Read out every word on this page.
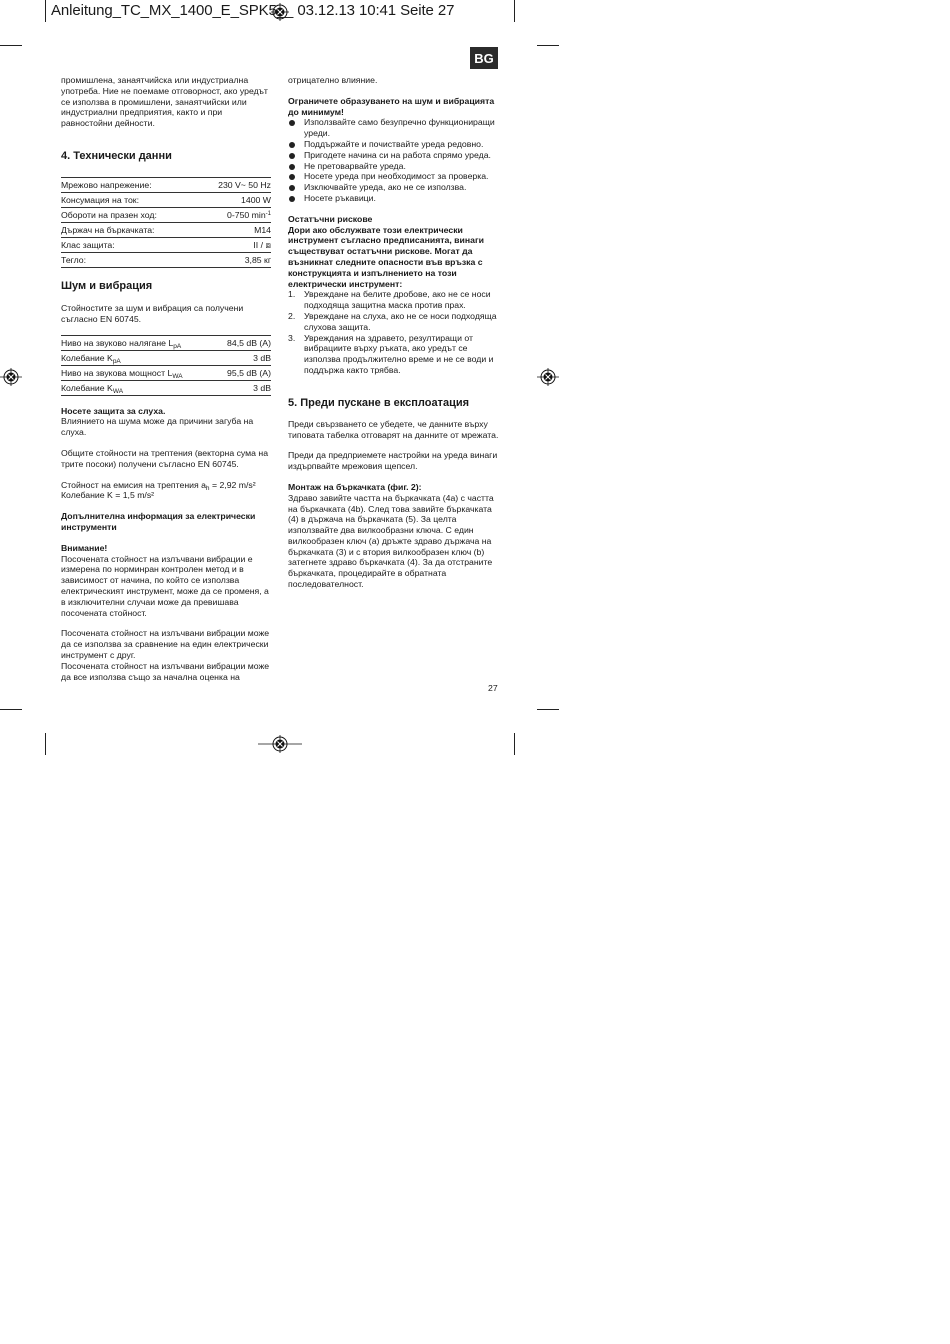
Anleitung_TC_MX_1400_E_SPK5__ 03.12.13 10:41 Seite 27
BG

промишлена, занаятчийска или индустриална употреба. Ние не поемаме отговорност, ако уредът се използва в промишлени, занаятчийски или индустриални предприятия, както и при равностойни дейности.

4. Технически данни

Мрежово напрежение:	230 V~ 50 Hz
Консумация на ток:	1400 W
Обороти на празен ход:	0-750 $\min^{-1}$
Държач на бъркачката:	M14
Клас защита:	II / ⧈
Тегло:	3,85 кг

Шум и вибрация

Стойностите за шум и вибрация са получени съгласно EN 60745.

Ниво на звуково налягане $L_{pA}$	84,5 dB (A)
Колебание $K_{pA}$	3 dB
Ниво на звукова мощност $L_{WA}$	95,5 dB (A)
Колебание $K_{WA}$	3 dB

Носете защита за слуха.

Влиянието на шума може да причини загуба на слуха.

Общите стойности на трептения (векторна сума на трите посоки) получени съгласно EN 60745.

Стойност на емисия на трептения $a_h = 2,92$ m/s²

Колебание K = 1,5 m/s²

Допълнителна информация за електрически инструменти

Внимание!

Посочената стойност на излъчвани вибрации е измерена по норминран контролен метод и в зависимост от начина, по който се използва електрическият инструмент, може да се променя, а в изключителни случаи може да превишава посочената стойност.

Посочената стойност на излъчвани вибрации може да се използва за сравнение на един електрически инструмент с друг.

Посочената стойност на излъчвани вибрации може да все използва също за начална оценка на

отрицателно влияние.

Ограничете образуването на шум и вибрацията до минимум!

Използвайте само безупречно функциониращи уреди.
Поддържайте и почиствайте уреда редовно.
Пригодете начина си на работа спрямо уреда.
Не претоварвайте уреда.
Носете уреда при необходимост за проверка.
Изключвайте уреда, ако не се използва.
Носете ръкавици.

Остатъчни рискове

Дори ако обслужвате този електрически инструмент съгласно предписанията, винаги съществуват остатъчни рискове. Могат да възникнат следните опасности във връзка с конструкцията и изпълнението на този електрически инструмент:

1. Увреждане на белите дробове, ако не се носи подходяща защитна маска против прах.
2. Увреждане на слуха, ако не се носи подходяща слухова защита.
3. Увреждания на здравето, резултиращи от вибрациите върху ръката, ако уредът се използва продължително време и не се води и поддържа както трябва.

5. Преди пускане в експлоатация

Преди свързването се убедете, че данните върху типовата табелка отговарят на данните от мрежата.

Преди да предприемете настройки на уреда винаги издърпвайте мрежовия щепсел.

Монтаж на бъркачката (фиг. 2):

Здраво завийте частта на бъркачката (4a) с частта на бъркачката (4b). След това завийте бъркачката (4) в държача на бъркачката (5). За целта използвайте два вилкообразни ключа. С един вилкообразен ключ (a) дръжте здраво държача на бъркачката (3) и с втория вилкообразен ключ (b) затегнете здраво бъркачката (4). За да отстраните бъркачката, процедирайте в обратната последователност.

27
